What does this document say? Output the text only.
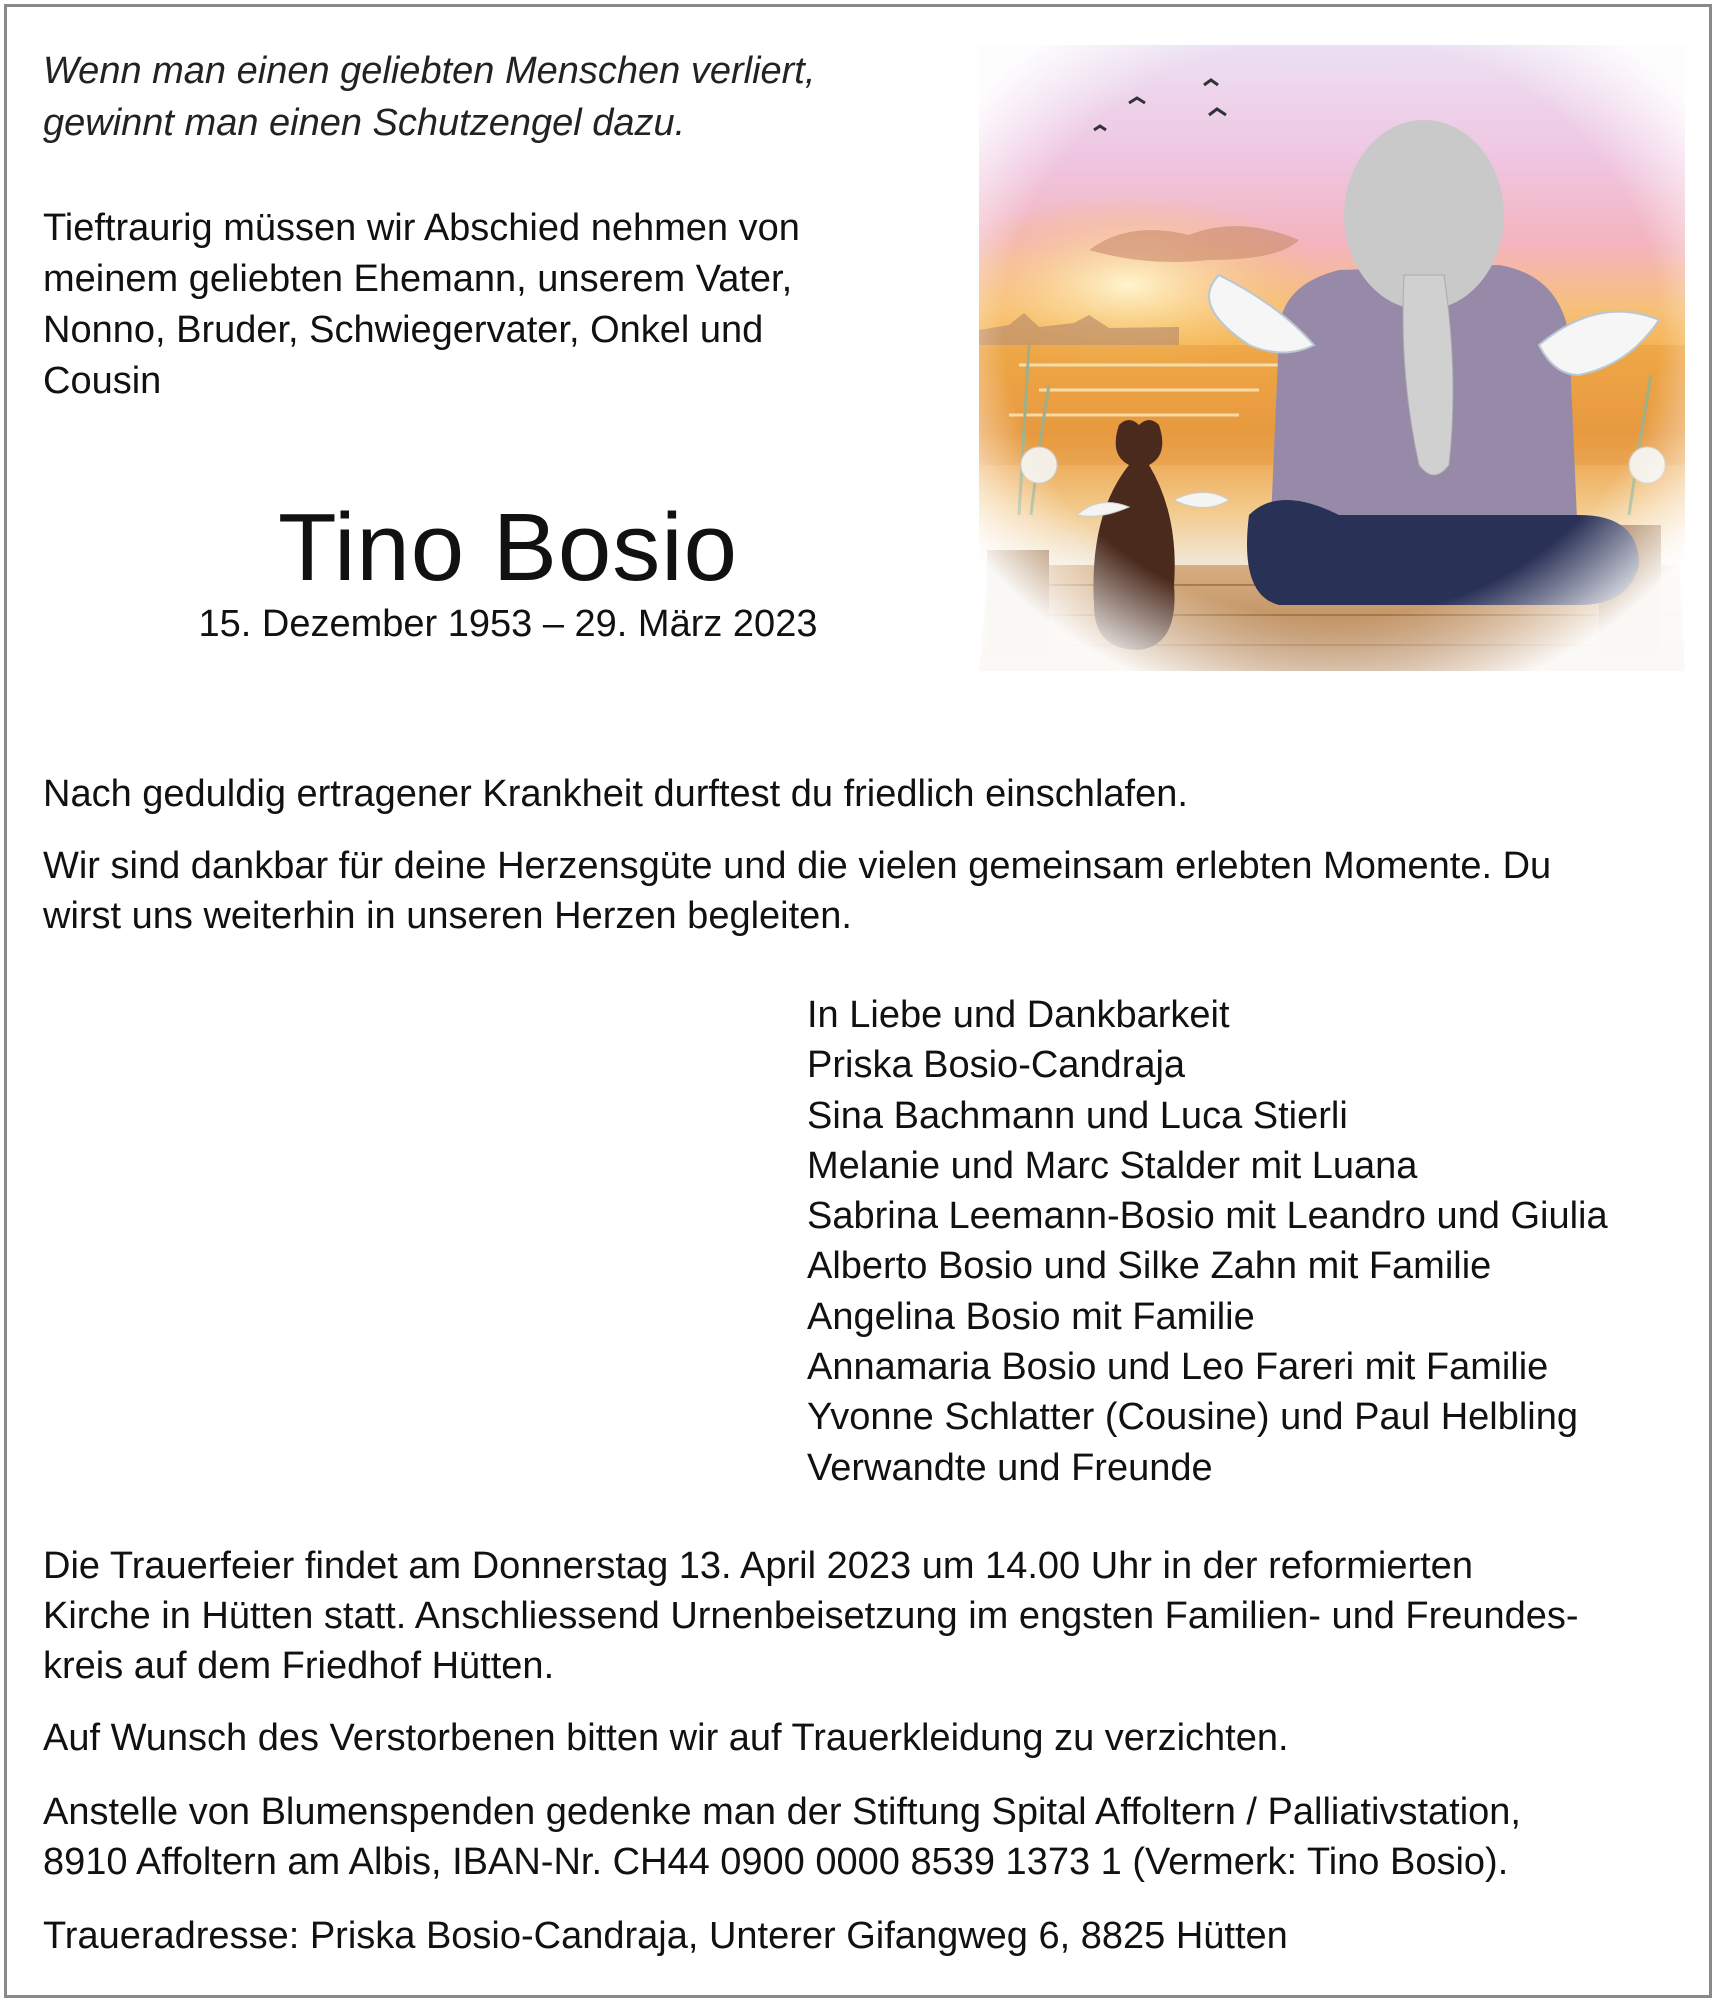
Wenn man einen geliebten Menschen verliert,
gewinnt man einen Schutzengel dazu.
Tieftraurig müssen wir Abschied nehmen von
meinem geliebten Ehemann, unserem Vater,
Nonno, Bruder, Schwiegervater, Onkel und
Cousin
Tino Bosio
15. Dezember 1953 – 29. März 2023
Nach geduldig ertragener Krankheit durftest du friedlich einschlafen.
Wir sind dankbar für deine Herzensgüte und die vielen gemeinsam erlebten Momente. Du
wirst uns weiterhin in unseren Herzen begleiten.
In Liebe und Dankbarkeit
Priska Bosio-Candraja
Sina Bachmann und Luca Stierli
Melanie und Marc Stalder mit Luana
Sabrina Leemann-Bosio mit Leandro und Giulia
Alberto Bosio und Silke Zahn mit Familie
Angelina Bosio mit Familie
Annamaria Bosio und Leo Fareri mit Familie
Yvonne Schlatter (Cousine) und Paul Helbling
Verwandte und Freunde
Die Trauerfeier findet am Donnerstag 13. April 2023 um 14.00 Uhr in der reformierten
Kirche in Hütten statt. Anschliessend Urnenbeisetzung im engsten Familien- und Freundes-
kreis auf dem Friedhof Hütten.
Auf Wunsch des Verstorbenen bitten wir auf Trauerkleidung zu verzichten.
Anstelle von Blumenspenden gedenke man der Stiftung Spital Affoltern / Palliativstation,
8910 Affoltern am Albis, IBAN-Nr. CH44 0900 0000 8539 1373 1 (Vermerk: Tino Bosio).
Traueradresse: Priska Bosio-Candraja, Unterer Gifangweg 6, 8825 Hütten
